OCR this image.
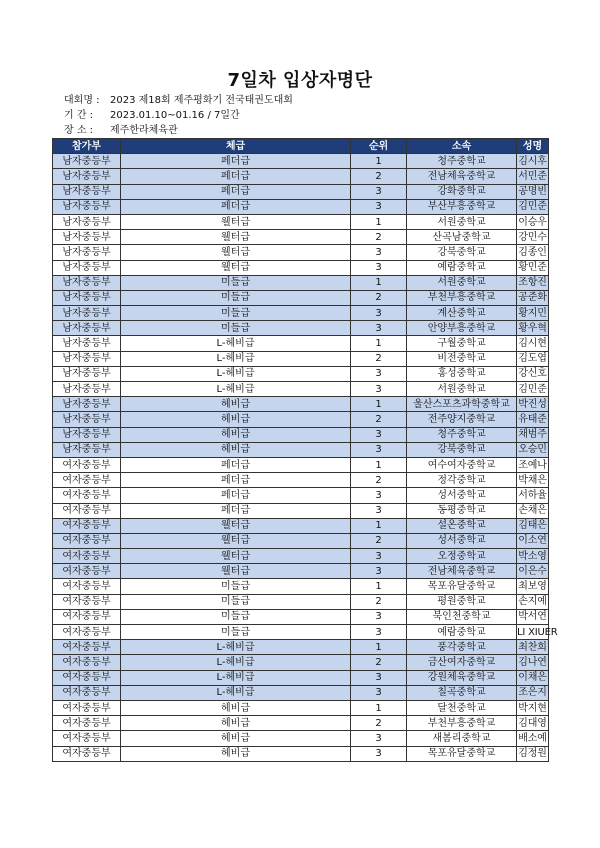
7일차 입상자명단
대회명 : 2023 제18회 제주평화기 전국태권도대회
기 간 : 2023.01.10~01.16 / 7일간
장 소 : 제주한라체육관
참가부	체급	순위	소속	성명
남자중등부	페더급	1	청주중학교	김시후
남자중등부	페더급	2	전남체육중학교	서민준
남자중등부	페더급	3	강화중학교	공명빈
남자중등부	페더급	3	부산부흥중학교	김민준
남자중등부	웰터급	1	서원중학교	이승우
남자중등부	웰터급	2	산곡남중학교	강민수
남자중등부	웰터급	3	강북중학교	김종인
남자중등부	웰터급	3	예람중학교	황민준
남자중등부	미들급	1	서원중학교	조항진
남자중등부	미들급	2	부천부흥중학교	공준화
남자중등부	미들급	3	계산중학교	황지민
남자중등부	미들급	3	안양부흥중학교	황우혁
남자중등부	L-헤비급	1	구월중학교	김시현
남자중등부	L-헤비급	2	비전중학교	김도엽
남자중등부	L-헤비급	3	홍성중학교	강신호
남자중등부	L-헤비급	3	서원중학교	김민준
남자중등부	헤비급	1	울산스포츠과학중학교	박진성
남자중등부	헤비급	2	전주양지중학교	유태준
남자중등부	헤비급	3	청주중학교	채범주
남자중등부	헤비급	3	강북중학교	오승민
여자중등부	페더급	1	여수여자중학교	조예나
여자중등부	페더급	2	정각중학교	박채은
여자중등부	페더급	3	성서중학교	서하율
여자중등부	페더급	3	동평중학교	손채은
여자중등부	웰터급	1	설온중학교	김태은
여자중등부	웰터급	2	성서중학교	이소연
여자중등부	웰터급	3	오정중학교	박소영
여자중등부	웰터급	3	전남체육중학교	이은수
여자중등부	미들급	1	목포유달중학교	최보영
여자중등부	미들급	2	평원중학교	손지예
여자중등부	미들급	3	북인천중학교	박서연
여자중등부	미들급	3	예람중학교	LI XIUER
여자중등부	L-헤비급	1	풍각중학교	최찬희
여자중등부	L-헤비급	2	금산여자중학교	김나연
여자중등부	L-헤비급	3	강원체육중학교	이채은
여자중등부	L-헤비급	3	칠곡중학교	조은지
여자중등부	헤비급	1	달천중학교	박지현
여자중등부	헤비급	2	부천부흥중학교	김대영
여자중등부	헤비급	3	새봄리중학교	배소예
여자중등부	헤비급	3	목포유달중학교	김정원
